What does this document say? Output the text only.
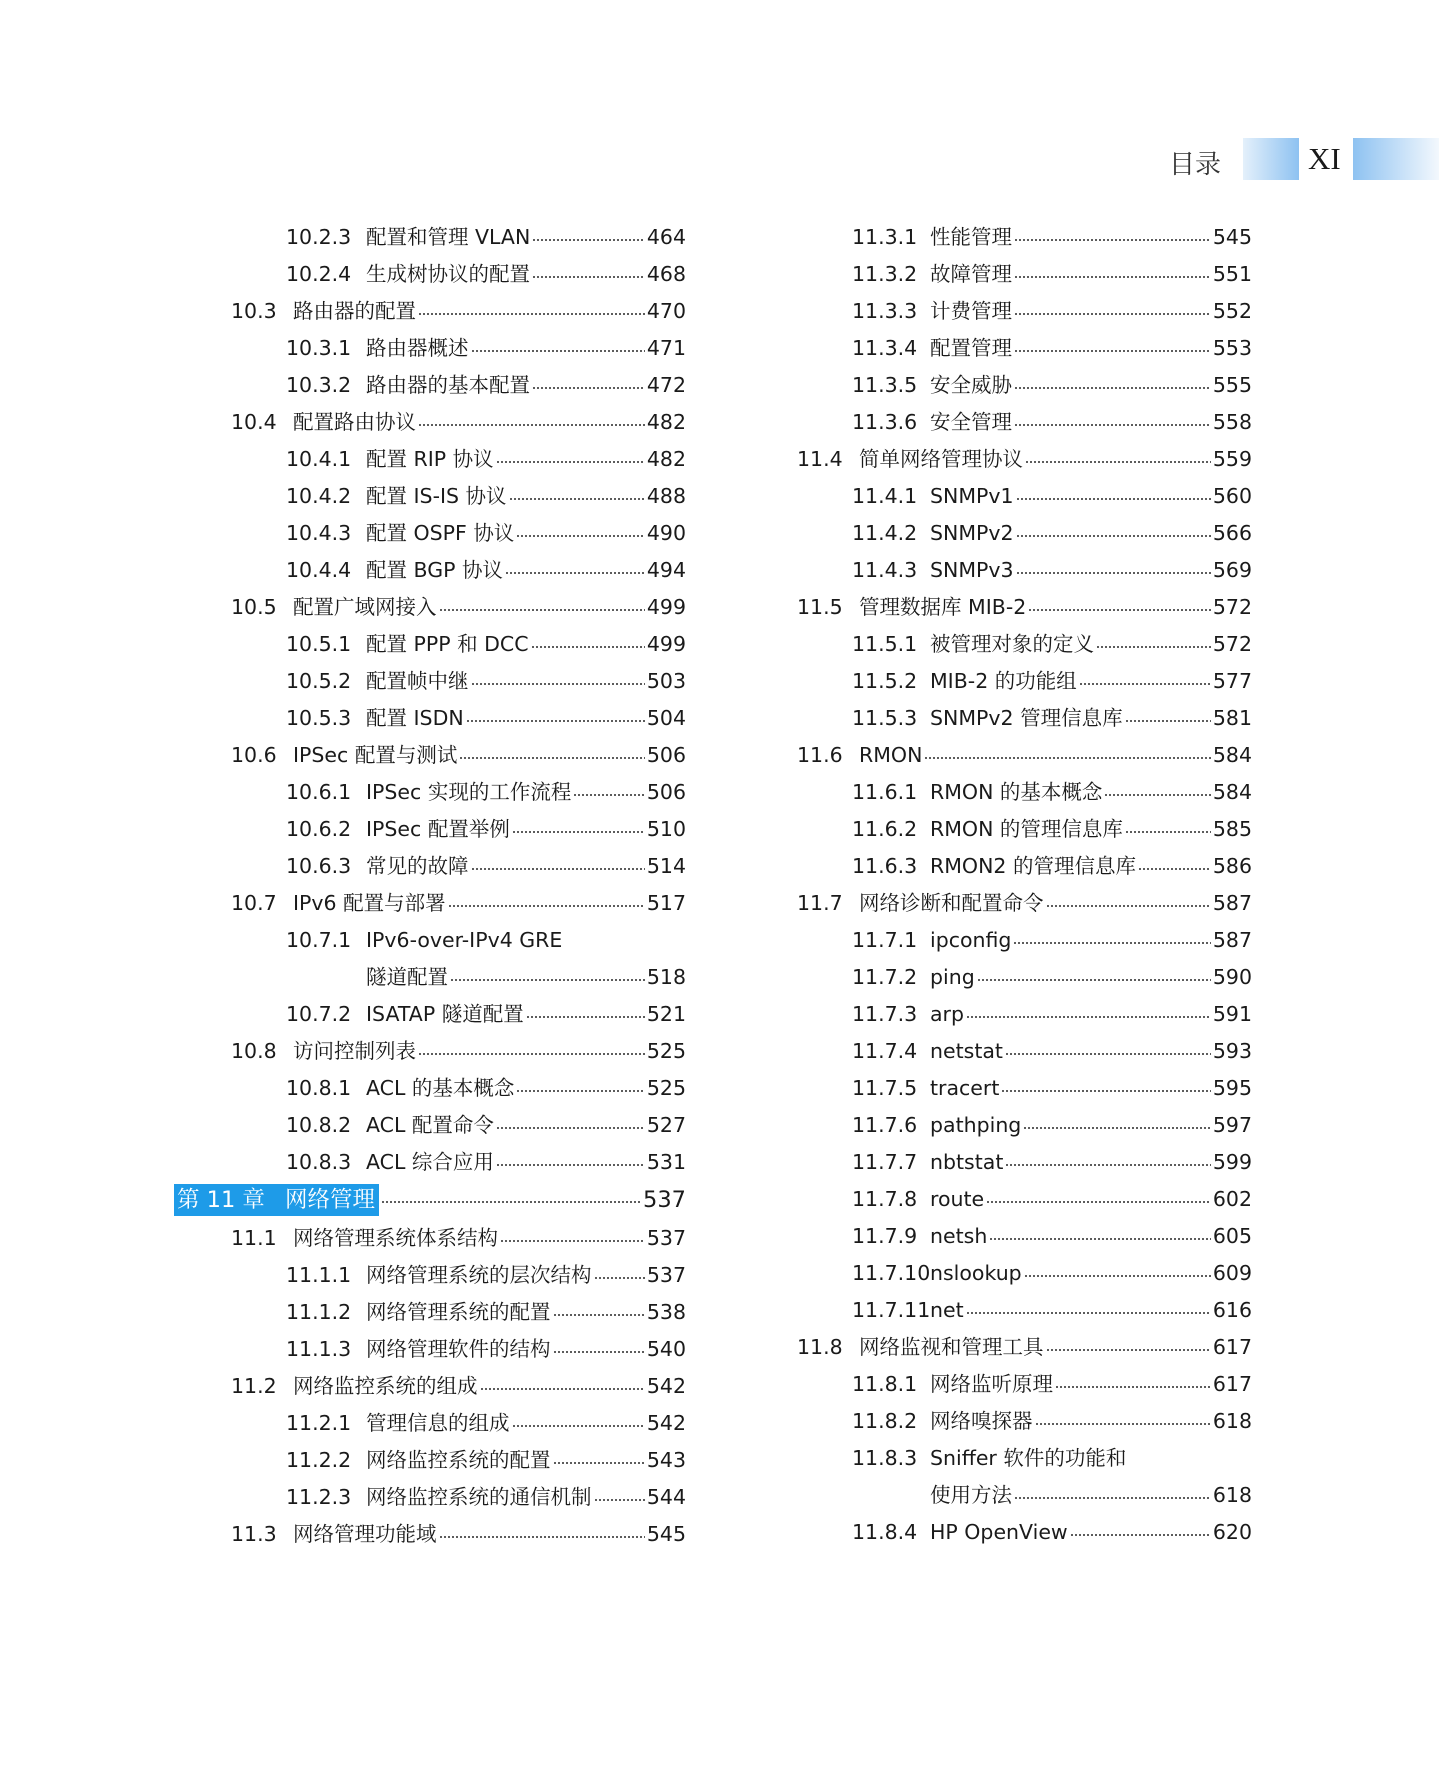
目录	XI
10.2.3 配置和管理 VLAN	464
10.2.4 生成树协议的配置	468
10.3 路由器的配置	470
10.3.1 路由器概述	471
10.3.2 路由器的基本配置	472
10.4 配置路由协议	482
10.4.1 配置 RIP 协议	482
10.4.2 配置 IS-IS 协议	488
10.4.3 配置 OSPF 协议	490
10.4.4 配置 BGP 协议	494
10.5 配置广域网接入	499
10.5.1 配置 PPP 和 DCC	499
10.5.2 配置帧中继	503
10.5.3 配置 ISDN	504
10.6 IPSec 配置与测试	506
10.6.1 IPSec 实现的工作流程	506
10.6.2 IPSec 配置举例	510
10.6.3 常见的故障	514
10.7 IPv6 配置与部署	517
10.7.1 IPv6-over-IPv4 GRE
隧道配置	518
10.7.2 ISATAP 隧道配置	521
10.8 访问控制列表	525
10.8.1 ACL 的基本概念	525
10.8.2 ACL 配置命令	527
10.8.3 ACL 综合应用	531
第 11 章 网络管理	537
11.1 网络管理系统体系结构	537
11.1.1 网络管理系统的层次结构	537
11.1.2 网络管理系统的配置	538
11.1.3 网络管理软件的结构	540
11.2 网络监控系统的组成	542
11.2.1 管理信息的组成	542
11.2.2 网络监控系统的配置	543
11.2.3 网络监控系统的通信机制	544
11.3 网络管理功能域	545
11.3.1 性能管理	545
11.3.2 故障管理	551
11.3.3 计费管理	552
11.3.4 配置管理	553
11.3.5 安全威胁	555
11.3.6 安全管理	558
11.4 简单网络管理协议	559
11.4.1 SNMPv1	560
11.4.2 SNMPv2	566
11.4.3 SNMPv3	569
11.5 管理数据库 MIB-2	572
11.5.1 被管理对象的定义	572
11.5.2 MIB-2 的功能组	577
11.5.3 SNMPv2 管理信息库	581
11.6 RMON	584
11.6.1 RMON 的基本概念	584
11.6.2 RMON 的管理信息库	585
11.6.3 RMON2 的管理信息库	586
11.7 网络诊断和配置命令	587
11.7.1 ipconfig	587
11.7.2 ping	590
11.7.3 arp	591
11.7.4 netstat	593
11.7.5 tracert	595
11.7.6 pathping	597
11.7.7 nbtstat	599
11.7.8 route	602
11.7.9 netsh	605
11.7.10 nslookup	609
11.7.11 net	616
11.8 网络监视和管理工具	617
11.8.1 网络监听原理	617
11.8.2 网络嗅探器	618
11.8.3 Sniffer 软件的功能和
使用方法	618
11.8.4 HP OpenView	620
